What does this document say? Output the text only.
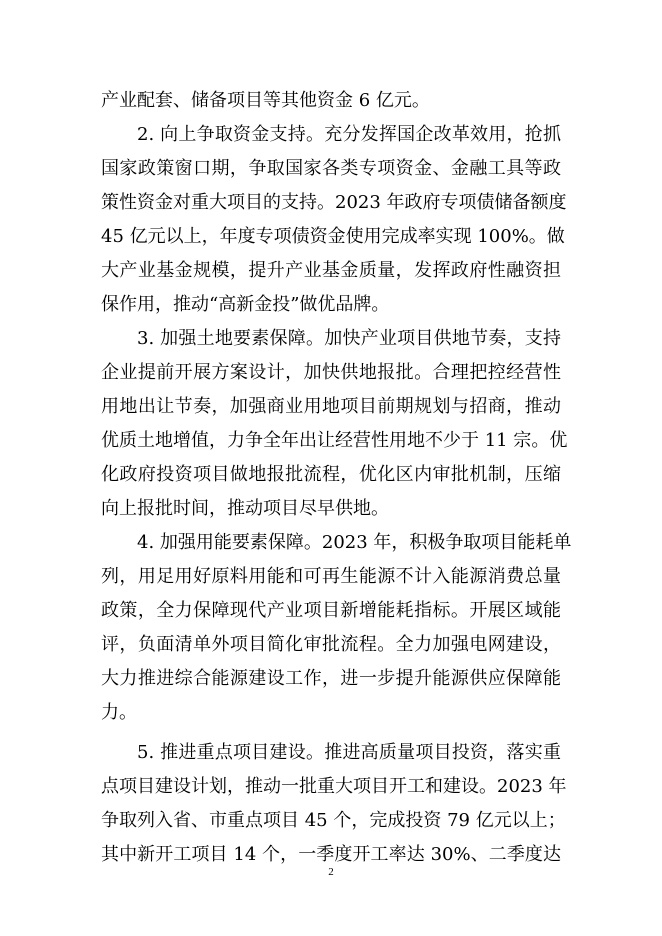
产业配套、储备项目等其他资金 6 亿元。
2. 向上争取资金支持。充分发挥国企改革效用，抢抓
国家政策窗口期，争取国家各类专项资金、金融工具等政
策性资金对重大项目的支持。2023 年政府专项债储备额度
45 亿元以上，年度专项债资金使用完成率实现 100%。做
大产业基金规模，提升产业基金质量，发挥政府性融资担
保作用，推动“高新金投”做优品牌。
3. 加强土地要素保障。加快产业项目供地节奏，支持
企业提前开展方案设计，加快供地报批。合理把控经营性
用地出让节奏，加强商业用地项目前期规划与招商，推动
优质土地增值，力争全年出让经营性用地不少于 11 宗。优
化政府投资项目做地报批流程，优化区内审批机制，压缩
向上报批时间，推动项目尽早供地。
4. 加强用能要素保障。2023 年，积极争取项目能耗单
列，用足用好原料用能和可再生能源不计入能源消费总量
政策，全力保障现代产业项目新增能耗指标。开展区域能
评，负面清单外项目简化审批流程。全力加强电网建设，
大力推进综合能源建设工作，进一步提升能源供应保障能
力。
5. 推进重点项目建设。推进高质量项目投资，落实重
点项目建设计划，推动一批重大项目开工和建设。2023 年
争取列入省、市重点项目 45 个，完成投资 79 亿元以上；
其中新开工项目 14 个，一季度开工率达 30%、二季度达
2
